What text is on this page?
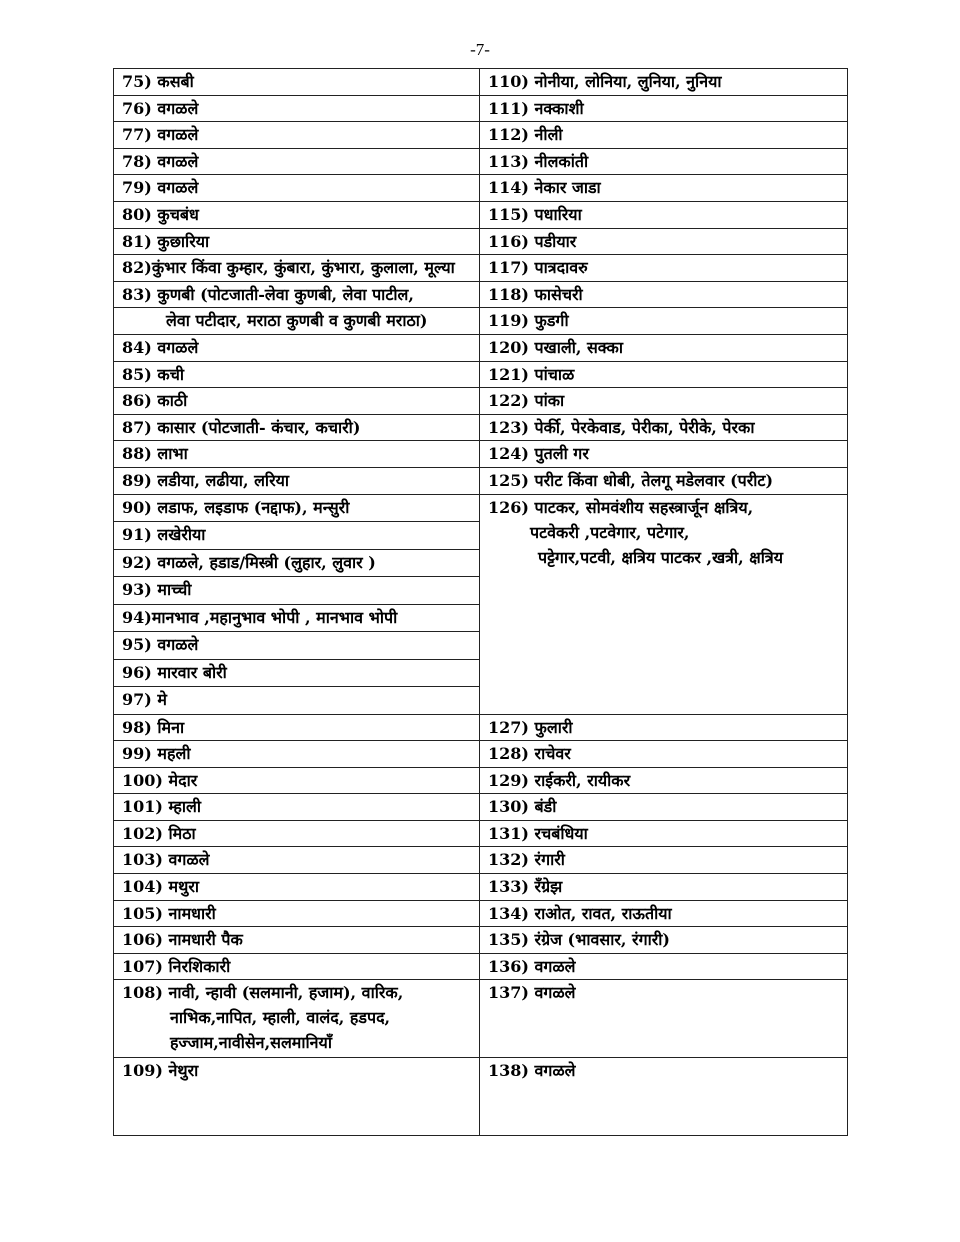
-7-
75) कसबी	110) नोनीया, लोनिया, लुनिया, नुनिया
76) वगळले	111) नक्काशी
77) वगळले	112) नीली
78) वगळले	113) नीलकांती
79) वगळले	114) नेकार जाडा
80) कुचबंध	115) पधारिया
81) कुछारिया	116) पडीयार
82)कुंभार किंवा कुम्हार, कुंबारा, कुंभारा, कुलाला, मूल्या	117) पात्रदावरु
83) कुणबी (पोटजाती-लेवा कुणबी, लेवा पाटील,	118) फासेचरी

लेवा पटीदार, मराठा कुणबी व कुणबी मराठा)	119) फुडगी
84) वगळले	120) पखाली, सक्का
85) कची	121) पांचाळ
86) काठी	122) पांका
87) कासार (पोटजाती- कंचार, कचारी)	123) पेर्की, पेरकेवाड, पेरीका, पेरीके, पेरका
88) लाभा	124) पुतली गर
89) लडीया, लढीया, लरिया	125) परीट किंवा धोबी, तेलगू मडेलवार (परीट)
90) लडाफ, लइडाफ (नद्दाफ), मन्सुरी	126) पाटकर, सोमवंशीय सहस्त्रार्जून क्षत्रिय,
पटवेकरी ,पटवेगार, पटेगार,
पट्टेगार,पटवी, क्षत्रिय पाटकर ,खत्री, क्षत्रिय

91) लखेरीया	
92) वगळले, हडाड/मिस्त्री (लुहार, लुवार )	
93) माच्ची	
94)मानभाव ,महानुभाव भोपी , मानभाव भोपी	
95) वगळले	
96) मारवार बोरी	
97) मे	
98) मिना	127) फुलारी
99) महली	128) राचेवर
100) मेदार	129) राईकरी, रायीकर
101) म्हाली	130) बंडी
102) मिठा	131) रचबंधिया
103) वगळले	132) रंगारी
104) मथुरा	133) रँग्रेझ
105) नामधारी	134) राओत, रावत, राऊतीया
106) नामधारी पैक	135) रंग्रेज (भावसार, रंगारी)
107) निरशिकारी	136) वगळले

108) नावी, न्हावी (सलमानी, हजाम), वारिक,
नाभिक,नापित, म्हाली, वालंद, हडपद,
हज्जाम,नावीसेन,सलमानियॉं	137) वगळले
109) नेथुरा	138) वगळले
